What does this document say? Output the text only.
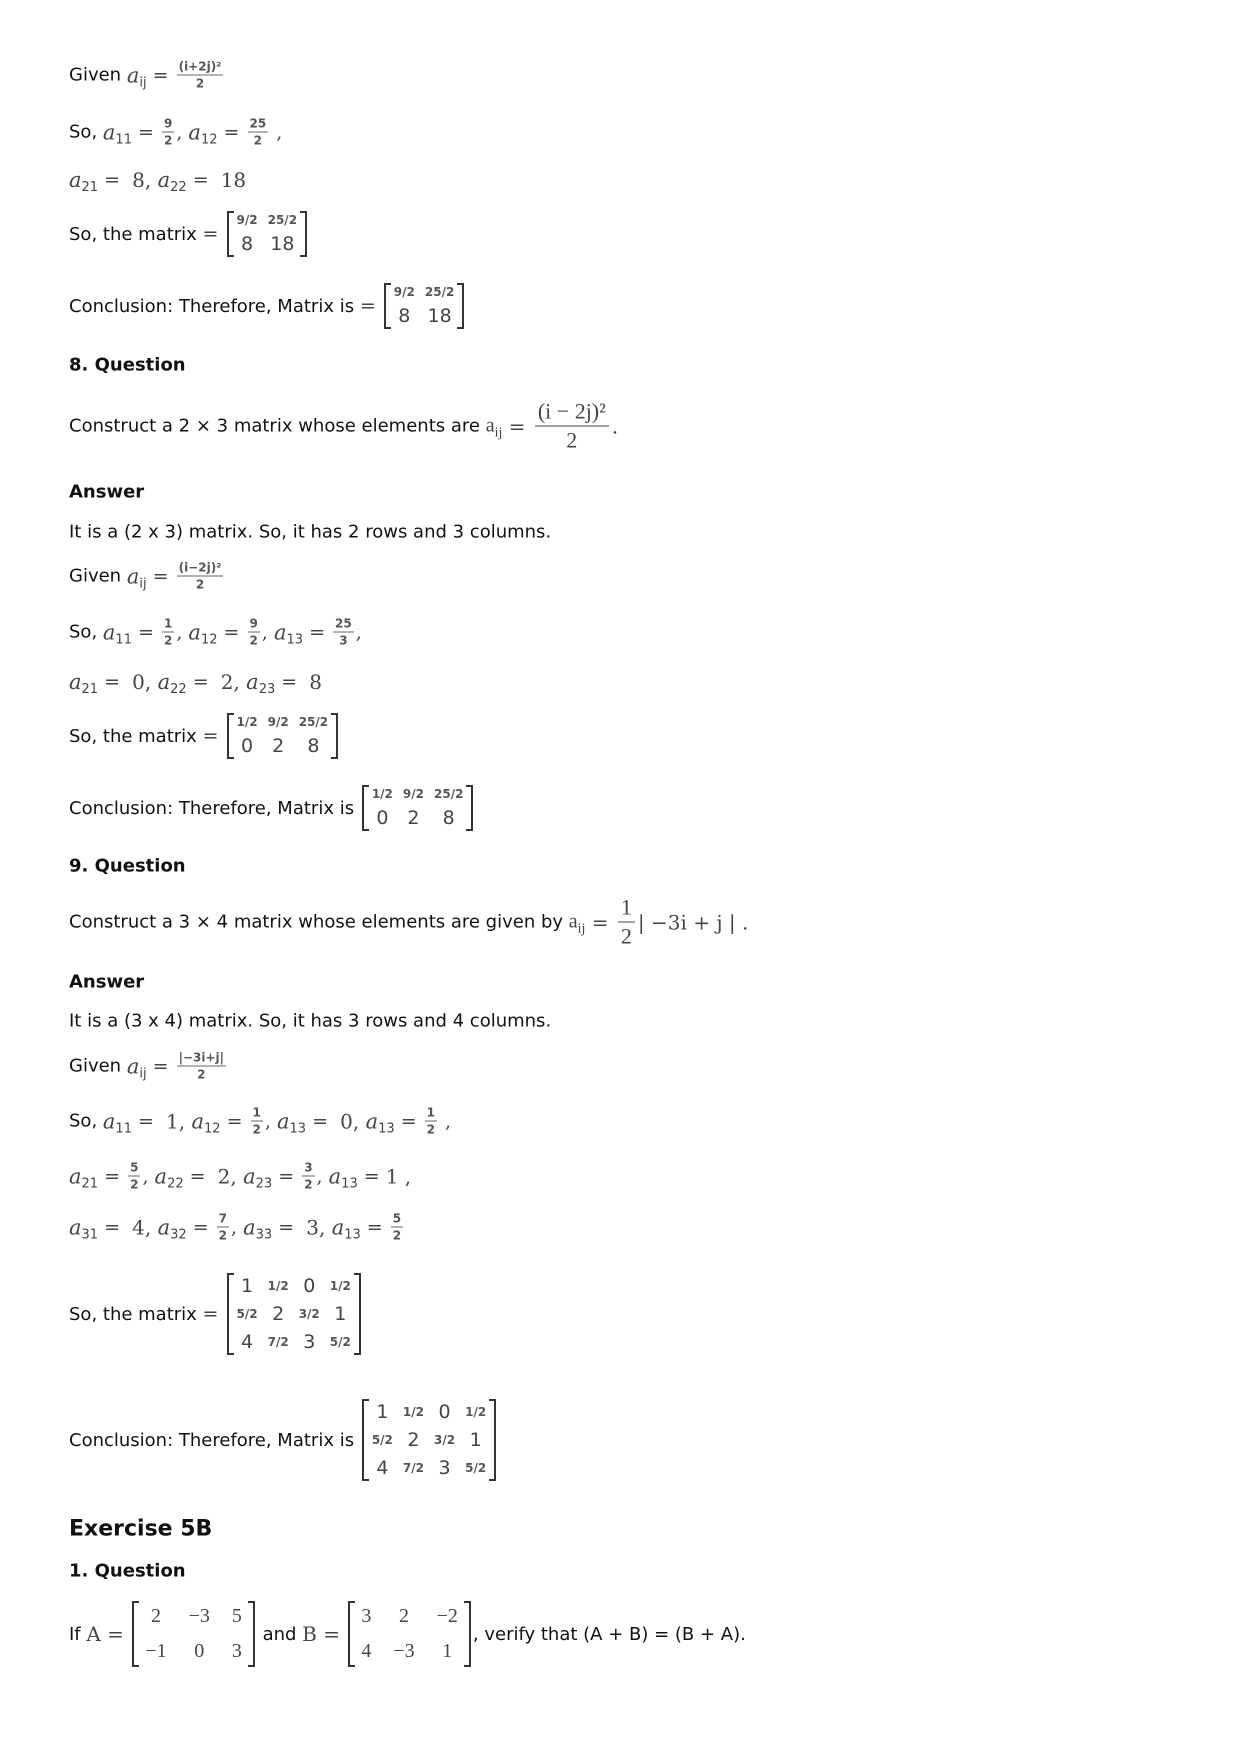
Given $a_{ij} = \frac{\text{(i+2j)²}}{2}$
So, $a_{11} = \frac{9}{2}$ , $a_{12} = \frac{25}{2}$ ,
$a_{21} = 8$, $a_{22} = 18$
So, the matrix =
9/2 25/2
8 18
Conclusion: Therefore, Matrix is =
9/2 25/2
8 18
8. Question
Construct a 2 × 3 matrix whose elements are $a_{ij} = \frac{\text{(i − 2j)²}}{2}$ .
Answer
It is a (2 x 3) matrix. So, it has 2 rows and 3 columns.
Given $a_{ij} = \frac{\text{(i−2j)²}}{2}$
So, $a_{11} = \frac{1}{2}$ , $a_{12} = \frac{9}{2}$ , $a_{13} = \frac{25}{3}$ ,
$a_{21} = 0$, $a_{22} = 2$, $a_{23} = 8$
So, the matrix =
1/2 9/2 25/2
0 2 8
Conclusion: Therefore, Matrix is
1/2 9/2 25/2
0 2 8
9. Question
Construct a 3 × 4 matrix whose elements are given by $a_{ij} = \frac{1}{2}$ | −3i + j | .
Answer
It is a (3 x 4) matrix. So, it has 3 rows and 4 columns.
Given $a_{ij} = \frac{|-3i+j|}{2}$
So, $a_{11} = 1$, $a_{12} = \frac{1}{2}$ , $a_{13} = 0$, $a_{13} = \frac{1}{2}$ ,
$a_{21} = \frac{5}{2}$ , $a_{22} = 2$, $a_{23} = \frac{3}{2}$ , $a_{13} = 1$ ,
$a_{31} = 4$, $a_{32} = \frac{7}{2}$ , $a_{33} = 3$, $a_{13} = \frac{5}{2}$
So, the matrix =
1 1/2 0 1/2
5/2 2 3/2 1
4 7/2 3 5/2
Conclusion: Therefore, Matrix is
1 1/2 0 1/2
5/2 2 3/2 1
4 7/2 3 5/2
Exercise 5B
1. Question
If A =
2 −3 5
−1 0 3
and B =
3 2 −2
4 −3 1
, verify that (A + B) = (B + A).
